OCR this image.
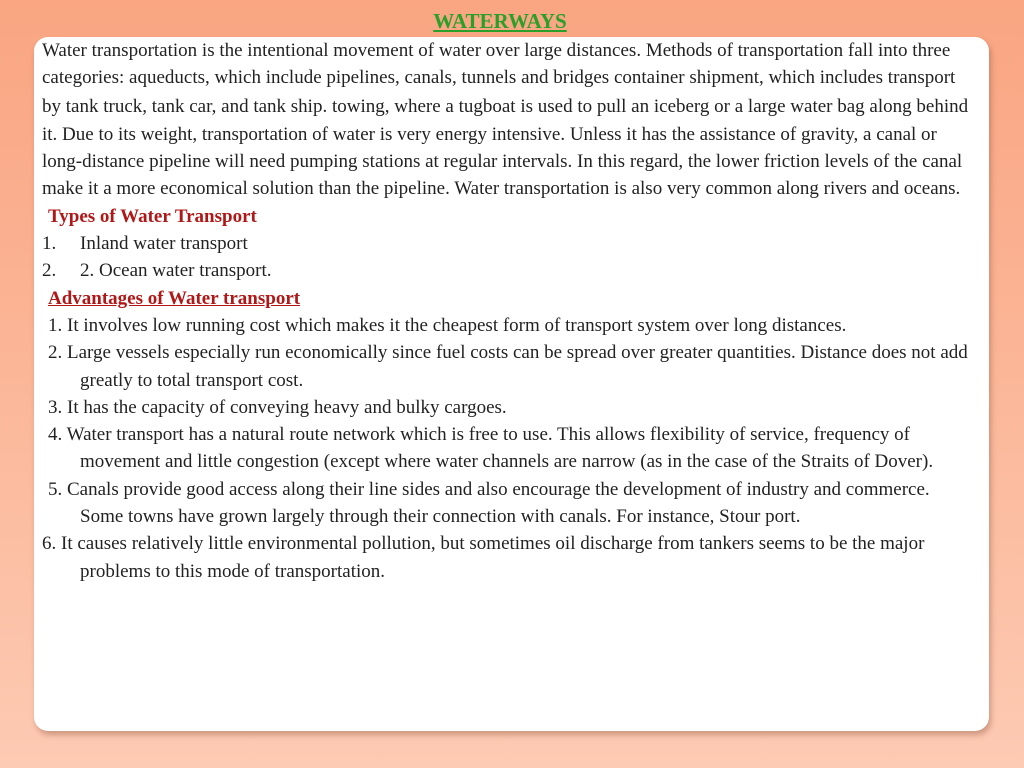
WATERWAYS

Water transportation is the intentional movement of water over large distances. Methods of transportation fall into three categories: aqueducts, which include pipelines, canals, tunnels and bridges container shipment, which includes transport by tank truck, tank car, and tank ship. towing, where a tugboat is used to pull an iceberg or a large water bag along behind it. Due to its weight, transportation of water is very energy intensive. Unless it has the assistance of gravity, a canal or long-distance pipeline will need pumping stations at regular intervals. In this regard, the lower friction levels of the canal make it a more economical solution than the pipeline. Water transportation is also very common along rivers and oceans.

Types of Water Transport

1.	Inland water transport
2.	2. Ocean water transport.

Advantages of Water transport

1. It involves low running cost which makes it the cheapest form of transport system over long distances.

2. Large vessels especially run economically since fuel costs can be spread over greater quantities. Distance does not add greatly to total transport cost.

3. It has the capacity of conveying heavy and bulky cargoes.

4. Water transport has a natural route network which is free to use. This allows flexibility of service, frequency of movement and little congestion (except where water channels are narrow (as in the case of the Straits of Dover).

5. Canals provide good access along their line sides and also encourage the development of industry and commerce. Some towns have grown largely through their connection with canals. For instance, Stour port.

6. It causes relatively little environmental pollution, but sometimes oil discharge from tankers seems to be the major problems to this mode of transportation.
